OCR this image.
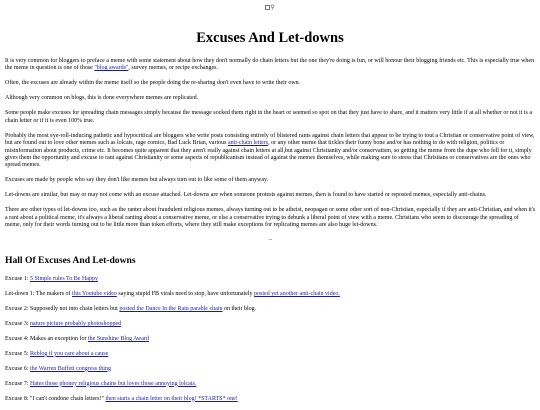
⚲
Excuses And Let-downs

It is very common for bloggers to preface a meme with some statement about how they don't normally do chain letters but the one they're doing is fun, or will honour their blogging friends etc. This is especially true when the meme in question is one of those "blog awards", survey memes, or recipe exchanges.

Often, the excuses are already within the meme itself so the people doing the re-sharing don't even have to write their own.

Although very common on blogs, this is done everywhere memes are replicated.

Some people make excuses for spreading chain messages simply because the message socked them right in the heart or seemed so spot on that they just have to share, and it matters very little if at all whether or not it is a chain letter or if it is even 100% true.

Probably the most eye-roll-inducing pathetic and hypocritical are bloggers who write posts consisting entirely of blistered rants against chain letters that appear to be trying to tout a Christian or conservative point of view, but are found out to love other memes such as lolcats, rage comics, Bad Luck Brian, various anti-chain letters, or any other meme that tickles their funny bone and/or has nothing to do with religion, politics or misinformation about products, crime etc. It becomes quite apparent that they aren't really against chain letters at all,but against Christianity and/or conservatism, so getting the meme from the dupe who fell for it, simply gives them the opportunity and excuse to rant against Christianity or some aspects of republicanism instead of against the memes themselves, while making sure to stress that Christians or conservatives are the ones who spread memes.

Excuses are made by people who say they don't like memes but always turn out to like some of them anyway.

Let-downs are similar, but may or may not come with an excuse attached. Let-downs are when someone protests against memes, then is found to have started or reposted memes, especially anti-chains.

There are other types of let-downs too, such as the ranter about fraudulent religious memes, always turning out to be atheist, neopagan or some other sort of non-Christian, especially if they are anti-Christian, and when it's a rant about a political meme, it's always a liberal ranting about a conservative meme, or else a conservative trying to debunk a liberal point of view with a meme. Christians who seem to discourage the spreading of meme, only for their words turning out to be little more than token efforts, where they still make exceptions for replicating memes are also huge let-downs.

–
Hall Of Excuses And Let-downs
Excuse 1: 5 Simple rules To Be Happy
Let-down 1: The makers of this Youtube video saying stupid FB virals need to stop, have unfortunately posted yet another anti-chain video.
Excuse 2: Supposedly not into chain letters but posted the Dance In the Rain parable chain on their blog.
Excuse 3: nature picture probably photoshopped
Excuse 4: Makes an exception for the Sunshine Blog Award
Excuse 5: Reblog if you care about a cause
Excuse 6: the Warren Buffett congress thing
Excuse 7: Hates those phoney religious chains but loves those annoying lolcats.
Excuse 8: "I can't condone chain letters!" then starts a chain letter on their blog! *STARTS* one!
